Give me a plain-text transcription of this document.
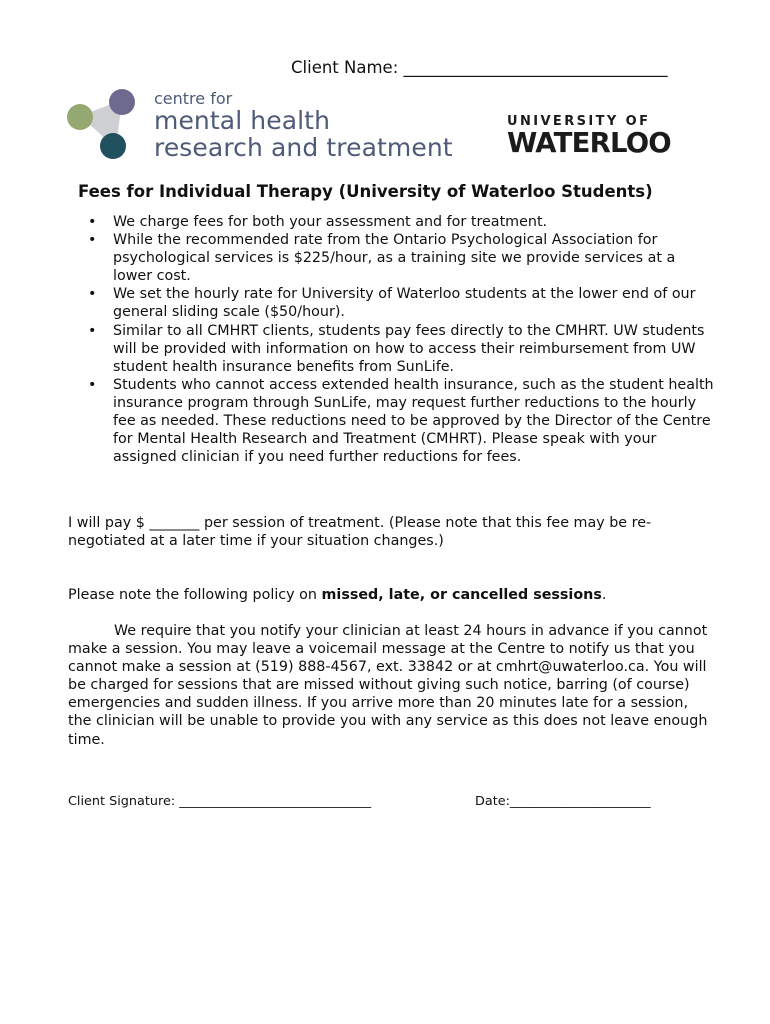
Client Name: ________________________________
centre for
mental health
research and treatment
UNIVERSITY OF
WATERLOO
Fees for Individual Therapy (University of Waterloo Students)
• We charge fees for both your assessment and for treatment.
• While the recommended rate from the Ontario Psychological Association for psychological services is $225/hour, as a training site we provide services at a lower cost.
• We set the hourly rate for University of Waterloo students at the lower end of our general sliding scale ($50/hour).
• Similar to all CMHRT clients, students pay fees directly to the CMHRT. UW students will be provided with information on how to access their reimbursement from UW student health insurance benefits from SunLife.
• Students who cannot access extended health insurance, such as the student health insurance program through SunLife, may request further reductions to the hourly fee as needed. These reductions need to be approved by the Director of the Centre for Mental Health Research and Treatment (CMHRT). Please speak with your assigned clinician if you need further reductions for fees.
I will pay $ _______ per session of treatment. (Please note that this fee may be re-negotiated at a later time if your situation changes.)
Please note the following policy on missed, late, or cancelled sessions.
We require that you notify your clinician at least 24 hours in advance if you cannot make a session. You may leave a voicemail message at the Centre to notify us that you cannot make a session at (519) 888-4567, ext. 33842 or at cmhrt@uwaterloo.ca. You will be charged for sessions that are missed without giving such notice, barring (of course) emergencies and sudden illness. If you arrive more than 20 minutes late for a session, the clinician will be unable to provide you with any service as this does not leave enough time.
Client Signature: ______________________________	Date:______________________
